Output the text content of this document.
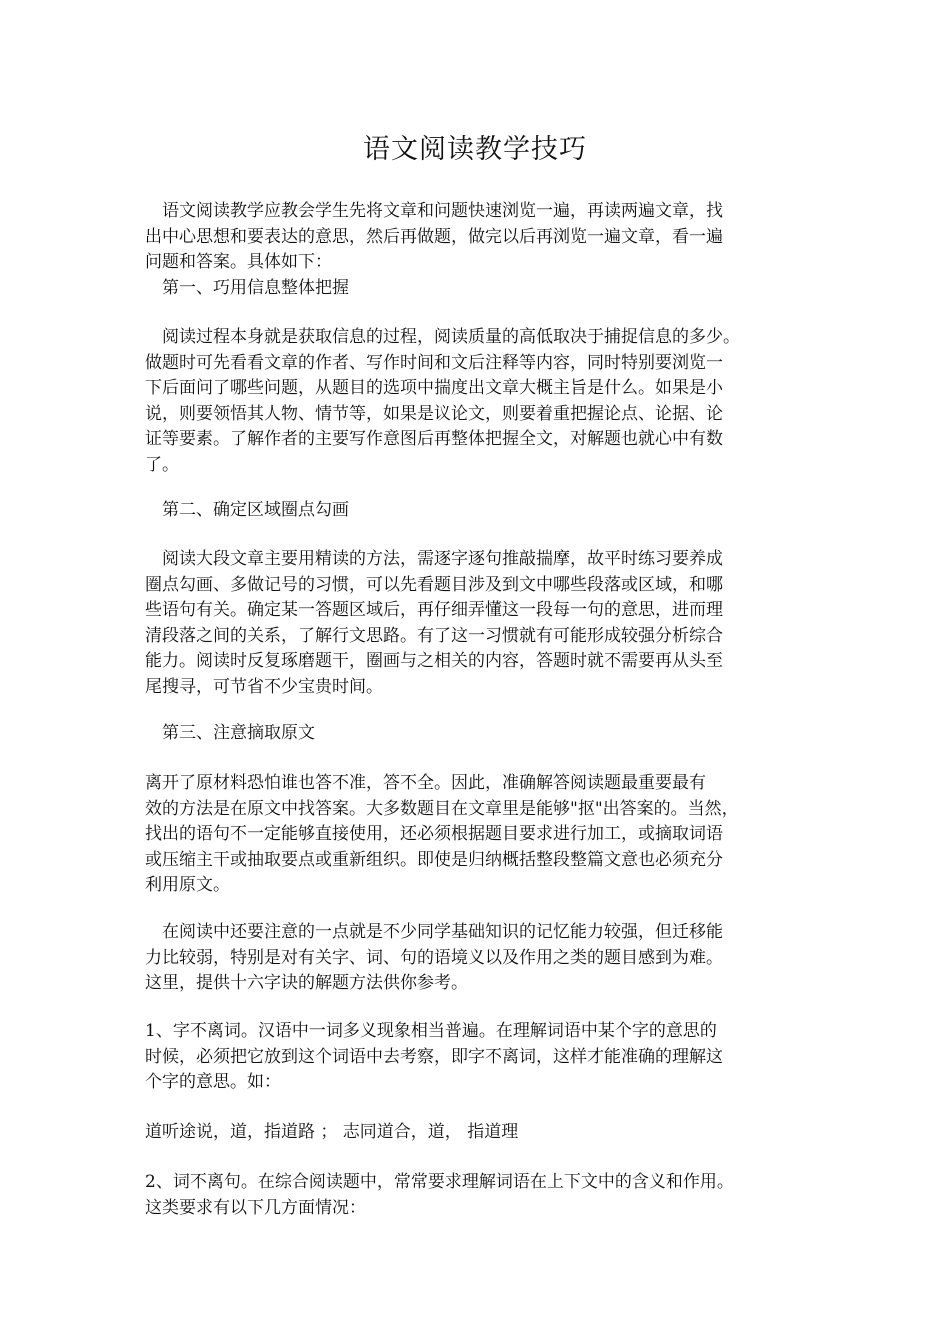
语文阅读教学技巧
　语文阅读教学应教会学生先将文章和问题快速浏览一遍，再读两遍文章，找
出中心思想和要表达的意思，然后再做题，做完以后再浏览一遍文章，看一遍
问题和答案。具体如下：
　第一、巧用信息整体把握
　阅读过程本身就是获取信息的过程，阅读质量的高低取决于捕捉信息的多少。
做题时可先看看文章的作者、写作时间和文后注释等内容，同时特别要浏览一
下后面问了哪些问题，从题目的选项中揣度出文章大概主旨是什么。如果是小
说，则要领悟其人物、情节等，如果是议论文，则要着重把握论点、论据、论
证等要素。了解作者的主要写作意图后再整体把握全文，对解题也就心中有数
了。
　第二、确定区域圈点勾画
　阅读大段文章主要用精读的方法，需逐字逐句推敲揣摩，故平时练习要养成
圈点勾画、多做记号的习惯，可以先看题目涉及到文中哪些段落或区域，和哪
些语句有关。确定某一答题区域后，再仔细弄懂这一段每一句的意思，进而理
清段落之间的关系，了解行文思路。有了这一习惯就有可能形成较强分析综合
能力。阅读时反复琢磨题干，圈画与之相关的内容，答题时就不需要再从头至
尾搜寻，可节省不少宝贵时间。
　第三、注意摘取原文
离开了原材料恐怕谁也答不准，答不全。因此，准确解答阅读题最重要最有
效的方法是在原文中找答案。大多数题目在文章里是能够"抠"出答案的。当然，
找出的语句不一定能够直接使用，还必须根据题目要求进行加工，或摘取词语
或压缩主干或抽取要点或重新组织。即使是归纳概括整段整篇文意也必须充分
利用原文。
　在阅读中还要注意的一点就是不少同学基础知识的记忆能力较强，但迁移能
力比较弱，特别是对有关字、词、句的语境义以及作用之类的题目感到为难。
这里，提供十六字诀的解题方法供你参考。
1、字不离词。汉语中一词多义现象相当普遍。在理解词语中某个字的意思的
时候，必须把它放到这个词语中去考察，即字不离词，这样才能准确的理解这
个字的意思。如：
道听途说，道，指道路 ； 志同道合，道， 指道理
2、词不离句。在综合阅读题中，常常要求理解词语在上下文中的含义和作用。
这类要求有以下几方面情况：
